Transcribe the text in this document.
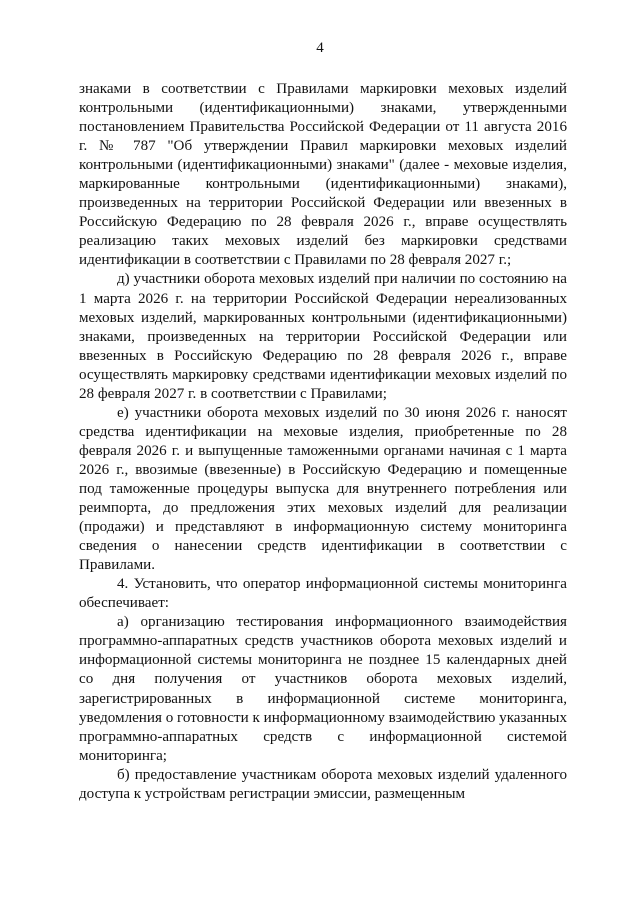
4

знаками в соответствии с Правилами маркировки меховых изделий контрольными (идентификационными) знаками, утвержденными постановлением Правительства Российской Федерации от 11 августа 2016 г. № 787 "Об утверждении Правил маркировки меховых изделий контрольными (идентификационными) знаками" (далее - меховые изделия, маркированные контрольными (идентификационными) знаками), произведенных на территории Российской Федерации или ввезенных в Российскую Федерацию по 28 февраля 2026 г., вправе осуществлять реализацию таких меховых изделий без маркировки средствами идентификации в соответствии с Правилами по 28 февраля 2027 г.;

д) участники оборота меховых изделий при наличии по состоянию на 1 марта 2026 г. на территории Российской Федерации нереализованных меховых изделий, маркированных контрольными (идентификационными) знаками, произведенных на территории Российской Федерации или ввезенных в Российскую Федерацию по 28 февраля 2026 г., вправе осуществлять маркировку средствами идентификации меховых изделий по 28 февраля 2027 г. в соответствии с Правилами;

е) участники оборота меховых изделий по 30 июня 2026 г. наносят средства идентификации на меховые изделия, приобретенные по 28 февраля 2026 г. и выпущенные таможенными органами начиная с 1 марта 2026 г., ввозимые (ввезенные) в Российскую Федерацию и помещенные под таможенные процедуры выпуска для внутреннего потребления или реимпорта, до предложения этих меховых изделий для реализации (продажи) и представляют в информационную систему мониторинга сведения о нанесении средств идентификации в соответствии с Правилами.

4. Установить, что оператор информационной системы мониторинга обеспечивает:

а) организацию тестирования информационного взаимодействия программно-аппаратных средств участников оборота меховых изделий и информационной системы мониторинга не позднее 15 календарных дней со дня получения от участников оборота меховых изделий, зарегистрированных в информационной системе мониторинга, уведомления о готовности к информационному взаимодействию указанных программно-аппаратных средств с информационной системой мониторинга;

б) предоставление участникам оборота меховых изделий удаленного доступа к устройствам регистрации эмиссии, размещенным
